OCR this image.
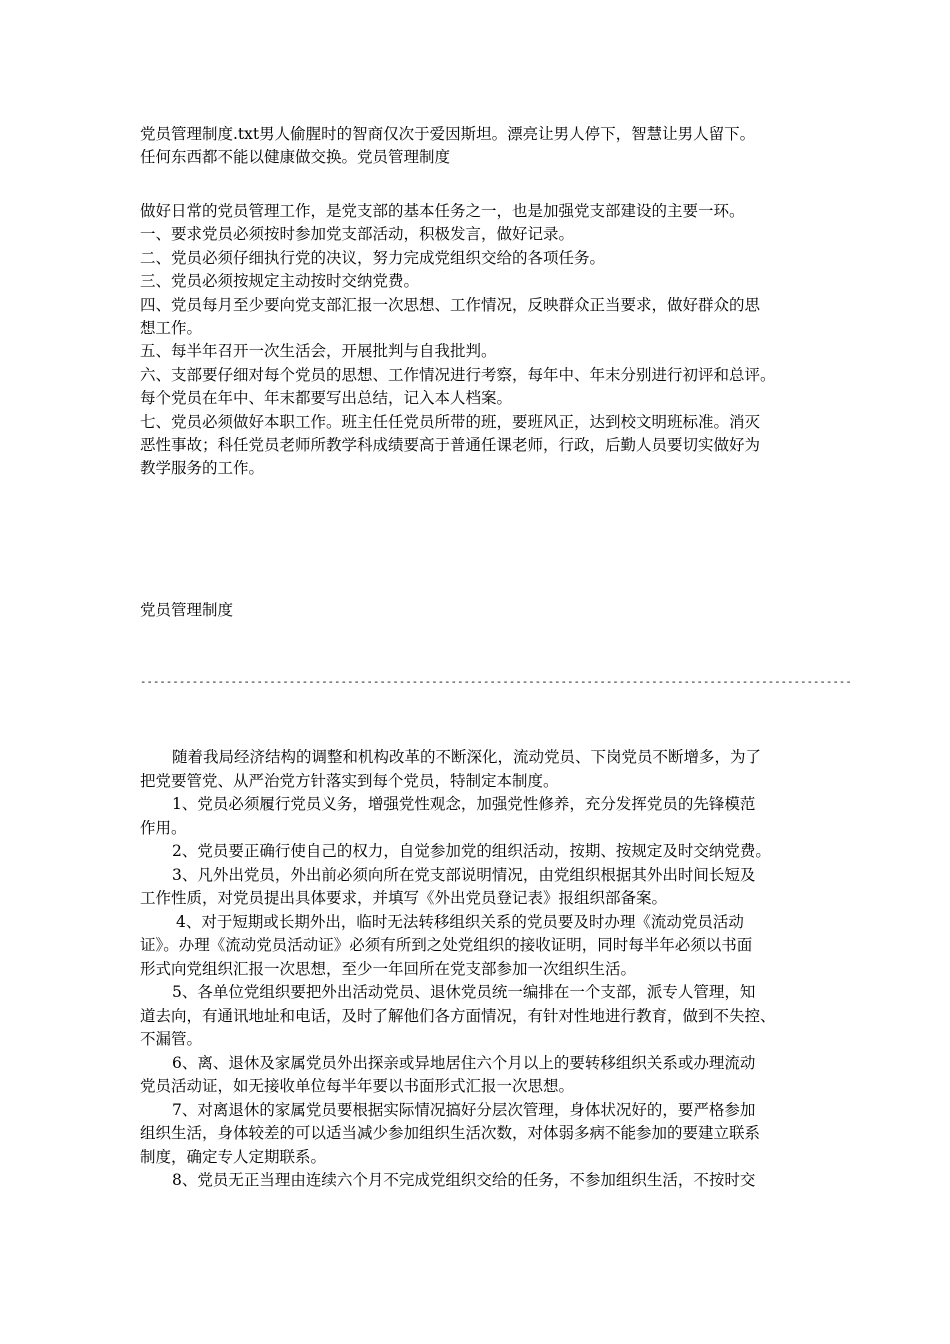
党员管理制度.txt男人偷腥时的智商仅次于爱因斯坦。漂亮让男人停下，智慧让男人留下。

任何东西都不能以健康做交换。党员管理制度

做好日常的党员管理工作，是党支部的基本任务之一，也是加强党支部建设的主要一环。

一、要求党员必须按时参加党支部活动，积极发言，做好记录。

二、党员必须仔细执行党的决议，努力完成党组织交给的各项任务。

三、党员必须按规定主动按时交纳党费。

四、党员每月至少要向党支部汇报一次思想、工作情况，反映群众正当要求，做好群众的思

想工作。

五、每半年召开一次生活会，开展批判与自我批判。

六、支部要仔细对每个党员的思想、工作情况进行考察，每年中、年末分别进行初评和总评。

每个党员在年中、年末都要写出总结，记入本人档案。

七、党员必须做好本职工作。班主任任党员所带的班，要班风正，达到校文明班标准。消灭

恶性事故；科任党员老师所教学科成绩要高于普通任课老师，行政，后勤人员要切实做好为

教学服务的工作。

党员管理制度

--------------------------------------------------------------------------------------------------------------

随着我局经济结构的调整和机构改革的不断深化，流动党员、下岗党员不断增多，为了

把党要管党、从严治党方针落实到每个党员，特制定本制度。

1、党员必须履行党员义务，增强党性观念，加强党性修养，充分发挥党员的先锋模范

作用。

2、党员要正确行使自己的权力，自觉参加党的组织活动，按期、按规定及时交纳党费。

3、凡外出党员，外出前必须向所在党支部说明情况，由党组织根据其外出时间长短及

工作性质，对党员提出具体要求，并填写《外出党员登记表》报组织部备案。

4、对于短期或长期外出，临时无法转移组织关系的党员要及时办理《流动党员活动

证》。办理《流动党员活动证》必须有所到之处党组织的接收证明，同时每半年必须以书面

形式向党组织汇报一次思想，至少一年回所在党支部参加一次组织生活。

5、各单位党组织要把外出活动党员、退休党员统一编排在一个支部，派专人管理，知

道去向，有通讯地址和电话，及时了解他们各方面情况，有针对性地进行教育，做到不失控、

不漏管。

6、离、退休及家属党员外出探亲或异地居住六个月以上的要转移组织关系或办理流动

党员活动证，如无接收单位每半年要以书面形式汇报一次思想。

7、对离退休的家属党员要根据实际情况搞好分层次管理，身体状况好的，要严格参加

组织生活，身体较差的可以适当减少参加组织生活次数，对体弱多病不能参加的要建立联系

制度，确定专人定期联系。

8、党员无正当理由连续六个月不完成党组织交给的任务，不参加组织生活，不按时交
